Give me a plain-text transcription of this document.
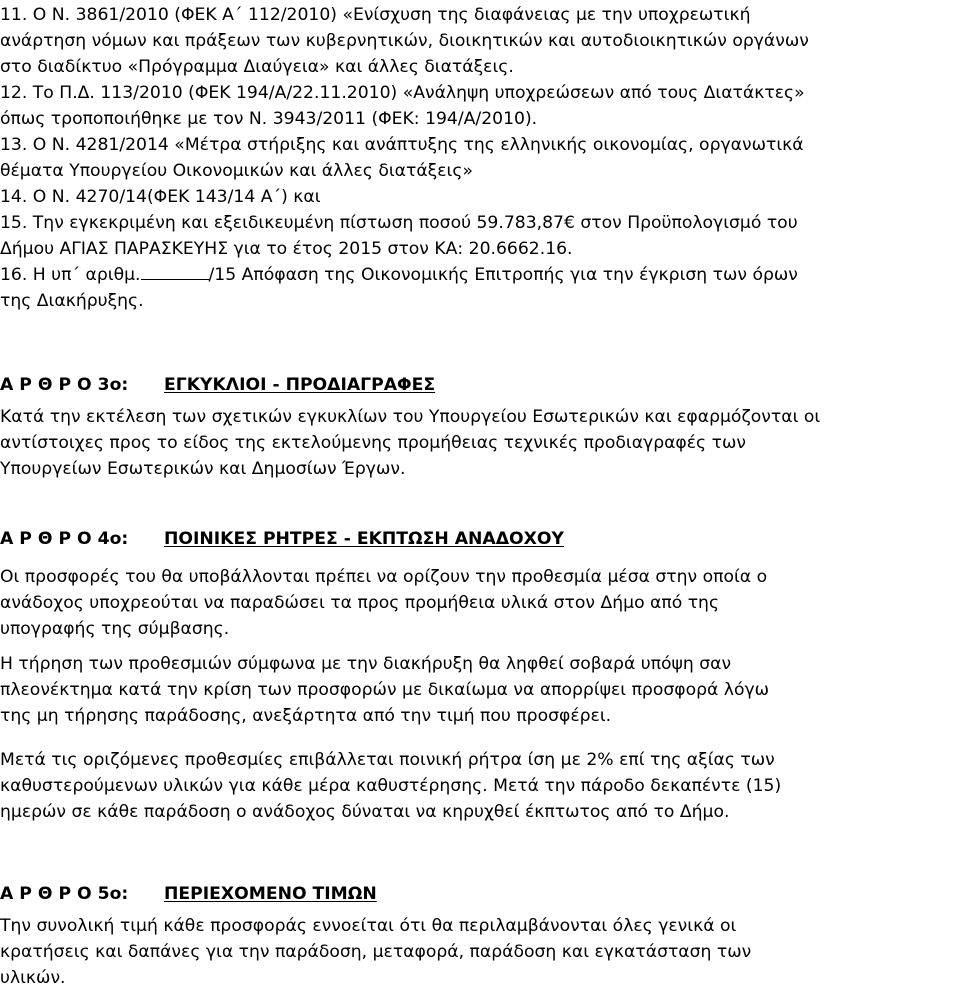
11. Ο Ν. 3861/2010 (ΦΕΚ Α΄ 112/2010) «Ενίσχυση της διαφάνειας με την υποχρεωτική
ανάρτηση νόμων και πράξεων των κυβερνητικών, διοικητικών και αυτοδιοικητικών οργάνων
στο διαδίκτυο «Πρόγραμμα Διαύγεια» και άλλες διατάξεις.
12. Το Π.Δ. 113/2010 (ΦΕΚ 194/Α/22.11.2010) «Ανάληψη υποχρεώσεων από τους Διατάκτες»
όπως τροποποιήθηκε με τον Ν. 3943/2011 (ΦΕΚ: 194/Α/2010).
13. Ο Ν. 4281/2014 «Μέτρα στήριξης και ανάπτυξης της ελληνικής οικονομίας, οργανωτικά
θέματα Υπουργείου Οικονομικών και άλλες διατάξεις»
14. Ο Ν. 4270/14(ΦΕΚ 143/14 Α΄) και
15. Την εγκεκριμένη και εξειδικευμένη πίστωση ποσού 59.783,87€ στον Προϋπολογισμό του
Δήμου ΑΓΙΑΣ ΠΑΡΑΣΚΕΥΗΣ για το έτος 2015 στον ΚΑ: 20.6662.16.
16. Η υπ΄ αριθμ.	/15 Απόφαση της Οικονομικής Επιτροπής για την έγκριση των όρων
της Διακήρυξης.
Α Ρ Θ Ρ Ο 3ο: ΕΓΚΥΚΛΙΟΙ - ΠΡΟΔΙΑΓΡΑΦΕΣ
Κατά την εκτέλεση των σχετικών εγκυκλίων του Υπουργείου Εσωτερικών και εφαρμόζονται οι
αντίστοιχες προς το είδος της εκτελούμενης προμήθειας τεχνικές προδιαγραφές των
Υπουργείων Εσωτερικών και Δημοσίων Έργων.
Α Ρ Θ Ρ Ο 4ο: ΠΟΙΝΙΚΕΣ ΡΗΤΡΕΣ - ΕΚΠΤΩΣΗ ΑΝΑΔΟΧΟΥ
Οι προσφορές του θα υποβάλλονται πρέπει να ορίζουν την προθεσμία μέσα στην οποία ο
ανάδοχος υποχρεούται να παραδώσει τα προς προμήθεια υλικά στον Δήμο από της
υπογραφής της σύμβασης.
Η τήρηση των προθεσμιών σύμφωνα με την διακήρυξη θα ληφθεί σοβαρά υπόψη σαν
πλεονέκτημα κατά την κρίση των προσφορών με δικαίωμα να απορρίψει προσφορά λόγω
της μη τήρησης παράδοσης, ανεξάρτητα από την τιμή που προσφέρει.
Μετά τις οριζόμενες προθεσμίες επιβάλλεται ποινική ρήτρα ίση με 2% επί της αξίας των
καθυστερούμενων υλικών για κάθε μέρα καθυστέρησης. Μετά την πάροδο δεκαπέντε (15)
ημερών σε κάθε παράδοση ο ανάδοχος δύναται να κηρυχθεί έκπτωτος από το Δήμο.
Α Ρ Θ Ρ Ο 5ο: ΠΕΡΙΕΧΟΜΕΝΟ ΤΙΜΩΝ
Την συνολική τιμή κάθε προσφοράς εννοείται ότι θα περιλαμβάνονται όλες γενικά οι
κρατήσεις και δαπάνες για την παράδοση, μεταφορά, παράδοση και εγκατάσταση των
υλικών.
